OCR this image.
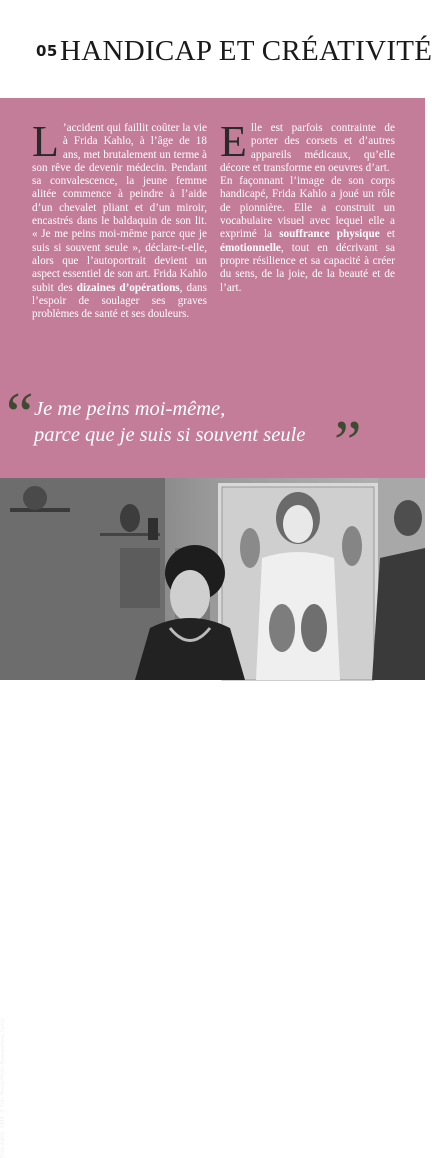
05 HANDICAP ET CRÉATIVITÉ
L ’accident qui faillit coûter la vie à Frida Kahlo, à l’âge de 18 ans, met brutalement un terme à son rêve de devenir médecin. Pendant sa convalescence, la jeune femme alitée commence à peindre à l’aide d’un chevalet pliant et d’un miroir, encastrés dans le baldaquin de son lit. « Je me peins moi-même parce que je suis si souvent seule », déclare-t-elle, alors que l’autoportrait devient un aspect essentiel de son art. Frida Kahlo subit des dizaines d’opérations, dans l’espoir de soulager ses graves problèmes de santé et ses douleurs.
Elle est parfois contrainte de porter des corsets et d’autres appareils médicaux, qu’elle décore et transforme en oeuvres d’art.
En façonnant l’image de son corps handicapé, Frida Kahlo a joué un rôle de pionnière. Elle a construit un vocabulaire visuel avec lequel elle a exprimé la souffrance physique et émotionnelle, tout en décrivant sa propre résilience et sa capacité à créer du sens, de la joie, de la beauté et de l’art.
“ Je me peins moi-même,
parce que je suis si souvent seule ”
Frida Kahlo, 1944. © Fritz Henle/Photo Researchers/ Getty
